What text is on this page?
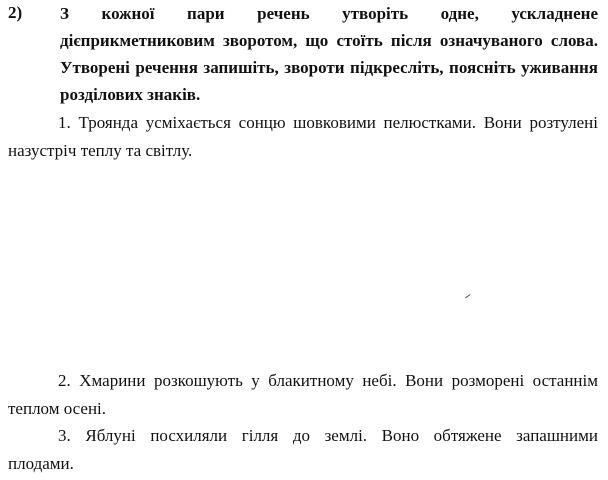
2) З кожної пари речень утворіть одне, ускладнене
дієприкметниковим зворотом, що стоїть після означуваного слова. Утворені речення запишіть, звороти підкресліть, поясніть уживання розділових знаків.
1. Троянда усміхається сонцю шовковими пелюстками. Вони розтулені
назустріч теплу та світлу.
2. Хмарини розкошують у блакитному небі. Вони розморені останнім
теплом осені.
3. Яблуні посхиляли гілля до землі. Воно обтяжене запашними
плодами.
